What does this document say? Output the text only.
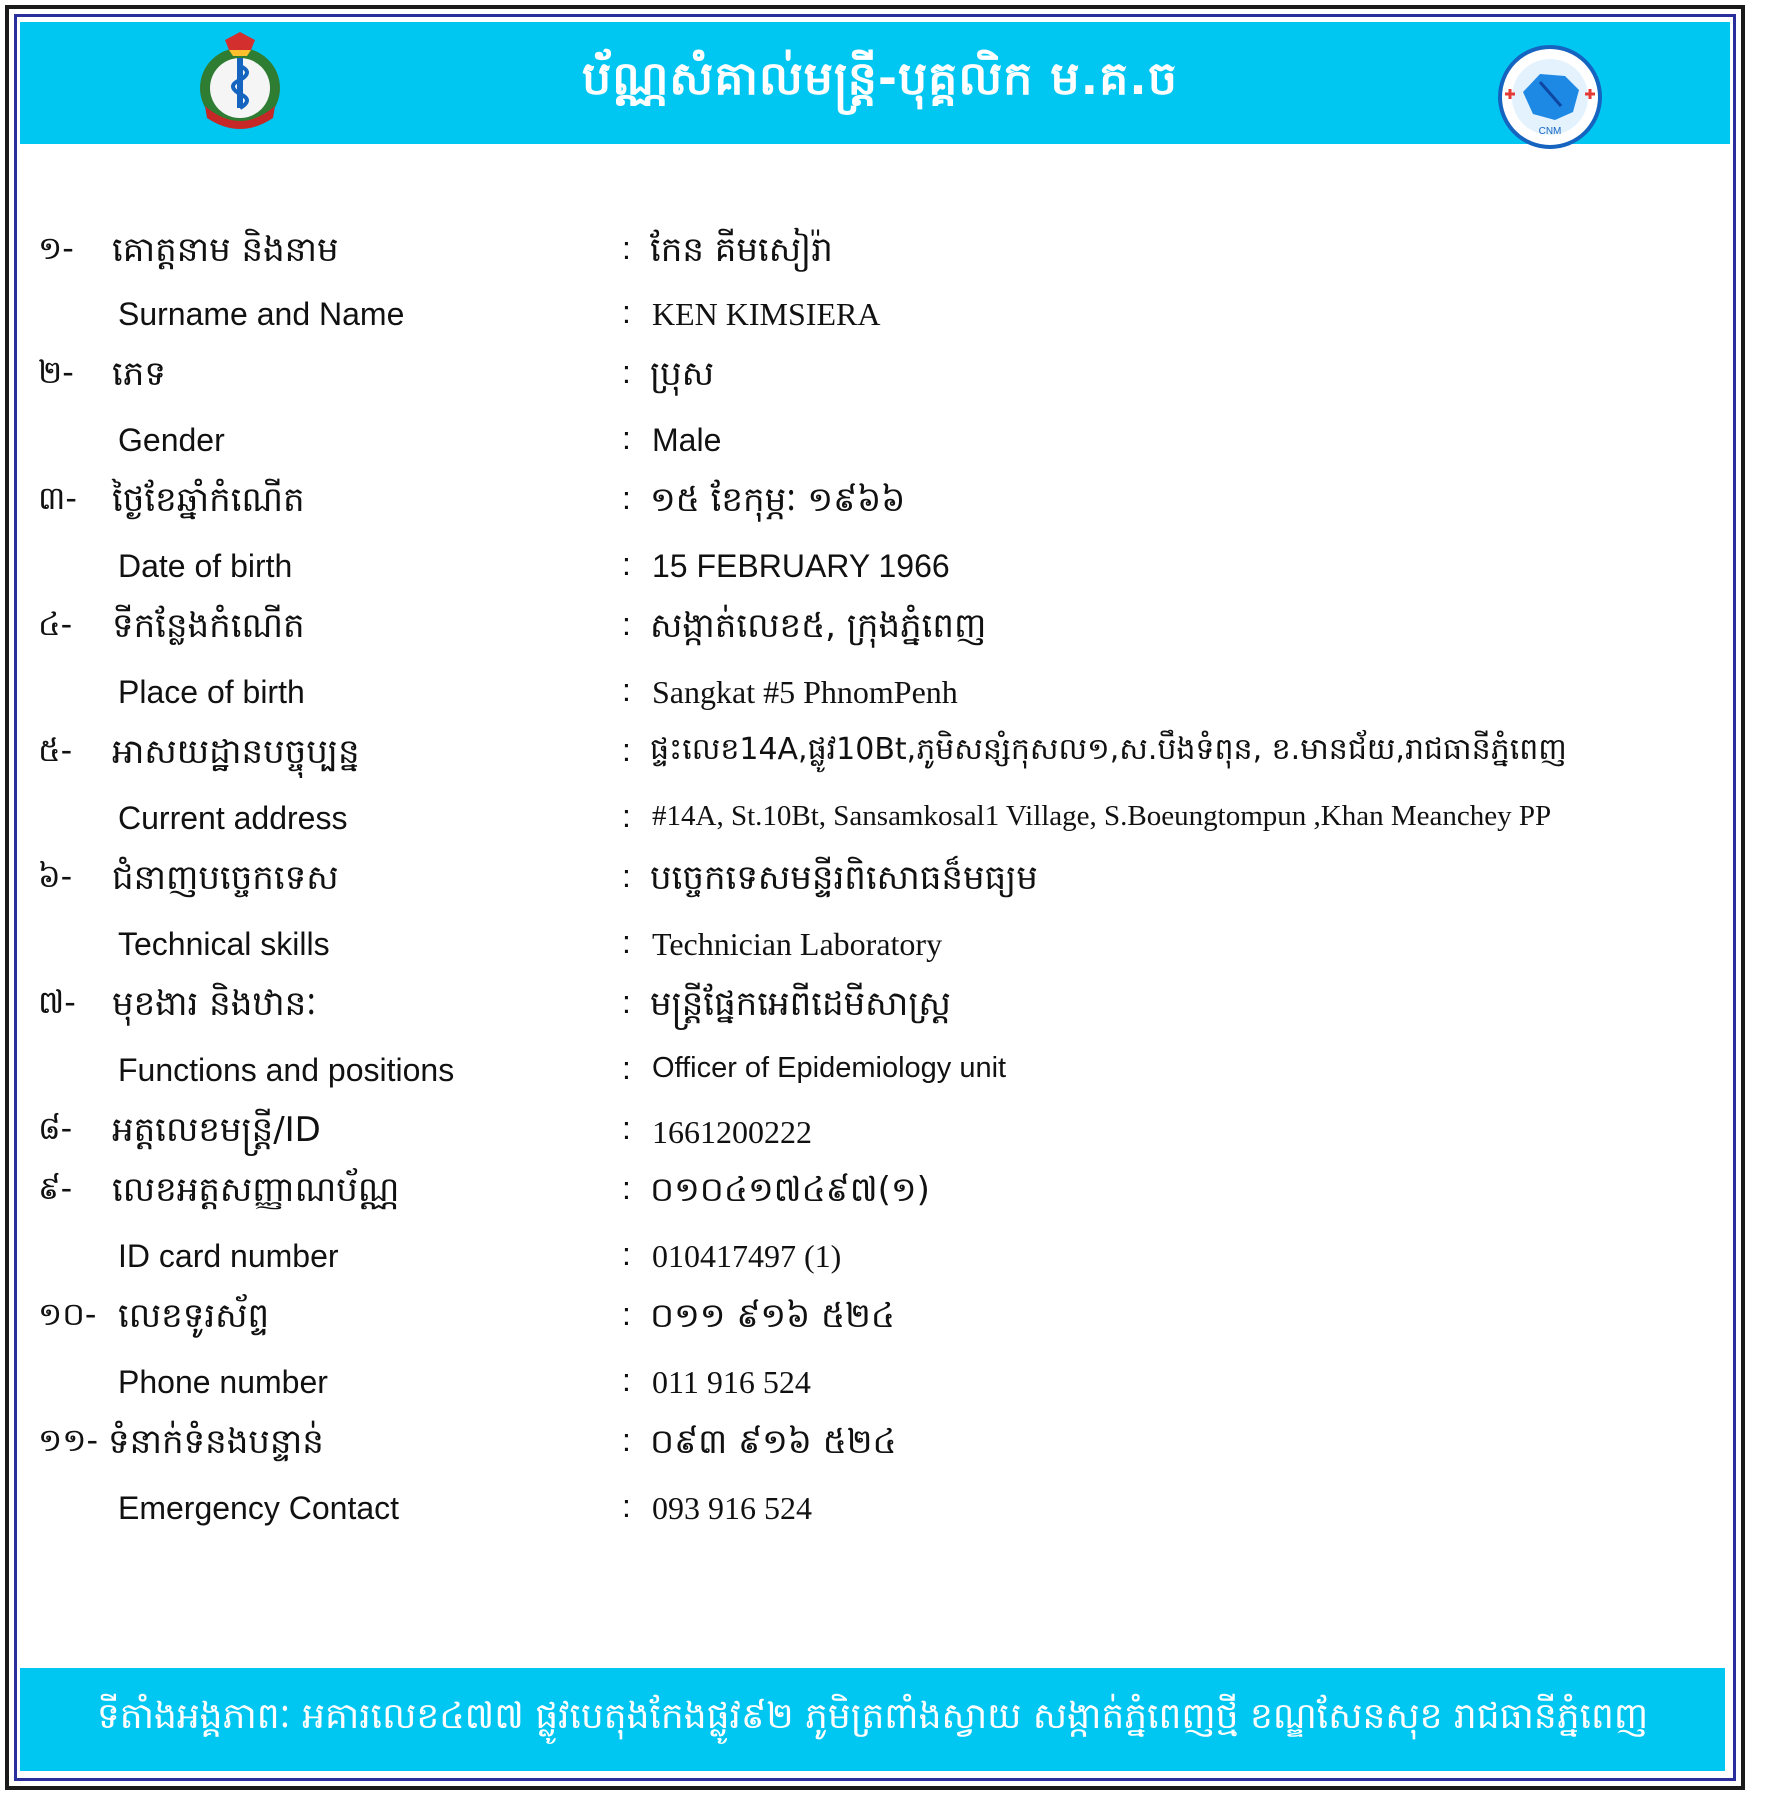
ប័ណ្ណសំគាល់មន្ត្រី-បុគ្គលិក ម.គ.ច
CNM
១- គោត្តនាម និងនាម	: កែន គីមសៀរ៉ា
Surname and Name	: KEN KIMSIERA
២- ភេទ	: ប្រុស
Gender	: Male
៣- ថ្ងៃខែឆ្នាំកំណើត	: ១៥ ខែកុម្ភៈ ១៩៦៦
Date of birth	: 15 FEBRUARY 1966
៤- ទីកន្លែងកំណើត	: សង្កាត់លេខ៥, ក្រុងភ្នំពេញ
Place of birth	: Sangkat #5 PhnomPenh
៥- អាសយដ្ឋានបច្ចុប្បន្ន	: ផ្ទះលេខ14A,ផ្លូវ10Bt,ភូមិសន្សំកុសល១,ស.បឹងទំពុន, ខ.មានជ័យ,រាជធានីភ្នំពេញ
Current address	: #14A, St.10Bt, Sansamkosal1 Village, S.Boeungtompun ,Khan Meanchey PP
៦- ជំនាញបច្ចេកទេស	: បច្ចេកទេសមន្ទីរពិសោធន៏មធ្យម
Technical skills	: Technician Laboratory
៧- មុខងារ និងឋានៈ	: មន្ត្រីផ្នែកអេពីដេមីសាស្ត្រ
Functions and positions	: Officer of Epidemiology unit
៨- អត្តលេខមន្ត្រី/ID	: 1661200222
៩- លេខអត្តសញ្ញាណប័ណ្ណ	: ០១០៤១៧៤៩៧(១)
ID card number	: 010417497 (1)
១០- លេខទូរស័ព្ទ	: ០១១ ៩១៦ ៥២៤
Phone number	: 011 916 524
១១- ទំនាក់ទំនងបន្ទាន់	: ០៩៣ ៩១៦ ៥២៤
Emergency Contact	: 093 916 524
ទីតាំងអង្គភាពៈ អគារលេខ៤៧៧ ផ្លូវបេតុងកែងផ្លូវ៩២ ភូមិត្រពាំងស្វាយ សង្កាត់ភ្នំពេញថ្មី ខណ្ឌសែនសុខ រាជធានីភ្នំពេញ
